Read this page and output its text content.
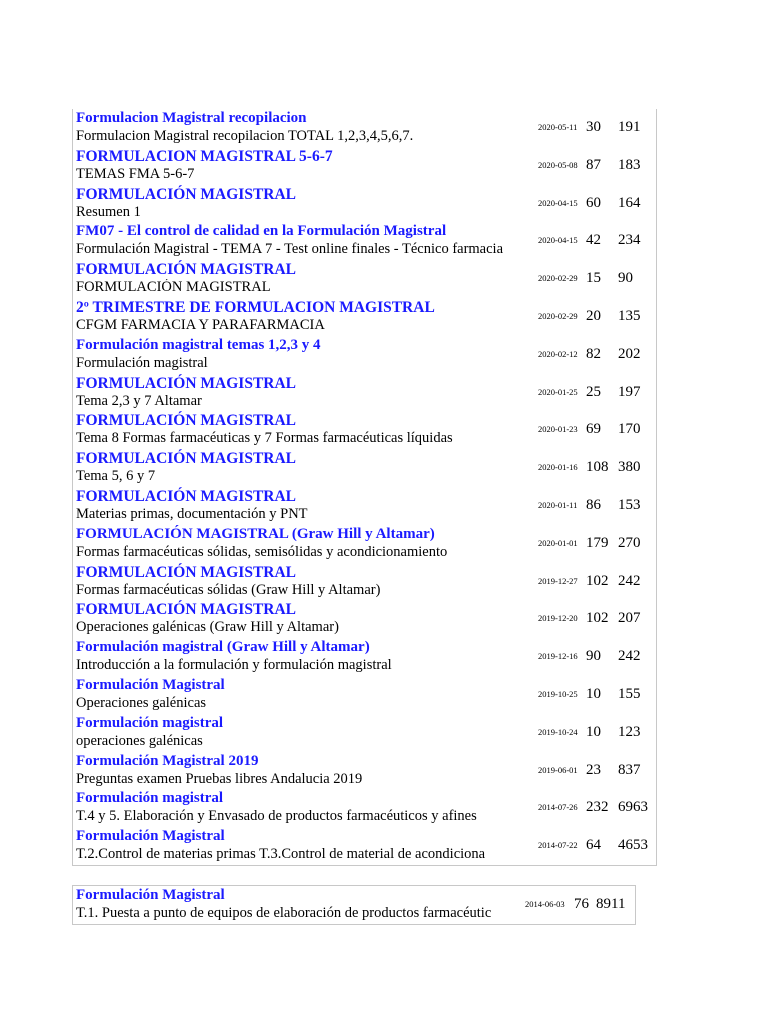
Formulacion Magistral recopilacion
Formulacion Magistral recopilacion TOTAL 1,2,3,4,5,6,7.
2020-05-11 30 191
FORMULACION MAGISTRAL 5-6-7
TEMAS FMA 5-6-7
2020-05-08 87 183
FORMULACIÓN MAGISTRAL
Resumen 1
2020-04-15 60 164
FM07 - El control de calidad en la Formulación Magistral
Formulación Magistral - TEMA 7 - Test online finales - Técnico farmacia
2020-04-15 42 234
FORMULACIÓN MAGISTRAL
FORMULACIÓN MAGISTRAL
2020-02-29 15 90
2º TRIMESTRE DE FORMULACION MAGISTRAL
CFGM FARMACIA Y PARAFARMACIA
2020-02-29 20 135
Formulación magistral temas 1,2,3 y 4
Formulación magistral
2020-02-12 82 202
FORMULACIÓN MAGISTRAL
Tema 2,3 y 7 Altamar
2020-01-25 25 197
FORMULACIÓN MAGISTRAL
Tema 8 Formas farmacéuticas y 7 Formas farmacéuticas líquidas
2020-01-23 69 170
FORMULACIÓN MAGISTRAL
Tema 5, 6 y 7
2020-01-16 108 380
FORMULACIÓN MAGISTRAL
Materias primas, documentación y PNT
2020-01-11 86 153
FORMULACIÓN MAGISTRAL (Graw Hill y Altamar)
Formas farmacéuticas sólidas, semisólidas y acondicionamiento
2020-01-01 179 270
FORMULACIÓN MAGISTRAL
Formas farmacéuticas sólidas (Graw Hill y Altamar)
2019-12-27 102 242
FORMULACIÓN MAGISTRAL
Operaciones galénicas (Graw Hill y Altamar)
2019-12-20 102 207
Formulación magistral (Graw Hill y Altamar)
Introducción a la formulación y formulación magistral
2019-12-16 90 242
Formulación Magistral
Operaciones galénicas
2019-10-25 10 155
Formulación magistral
operaciones galénicas
2019-10-24 10 123
Formulación Magistral 2019
Preguntas examen Pruebas libres Andalucia 2019
2019-06-01 23 837
Formulación magistral
T.4 y 5. Elaboración y Envasado de productos farmacéuticos y afines
2014-07-26 232 6963
Formulación Magistral
T.2.Control de materias primas T.3.Control de material de acondiciona
2014-07-22 64 4653
Formulación Magistral
T.1. Puesta a punto de equipos de elaboración de productos farmacéutic
2014-06-03 76 8911
